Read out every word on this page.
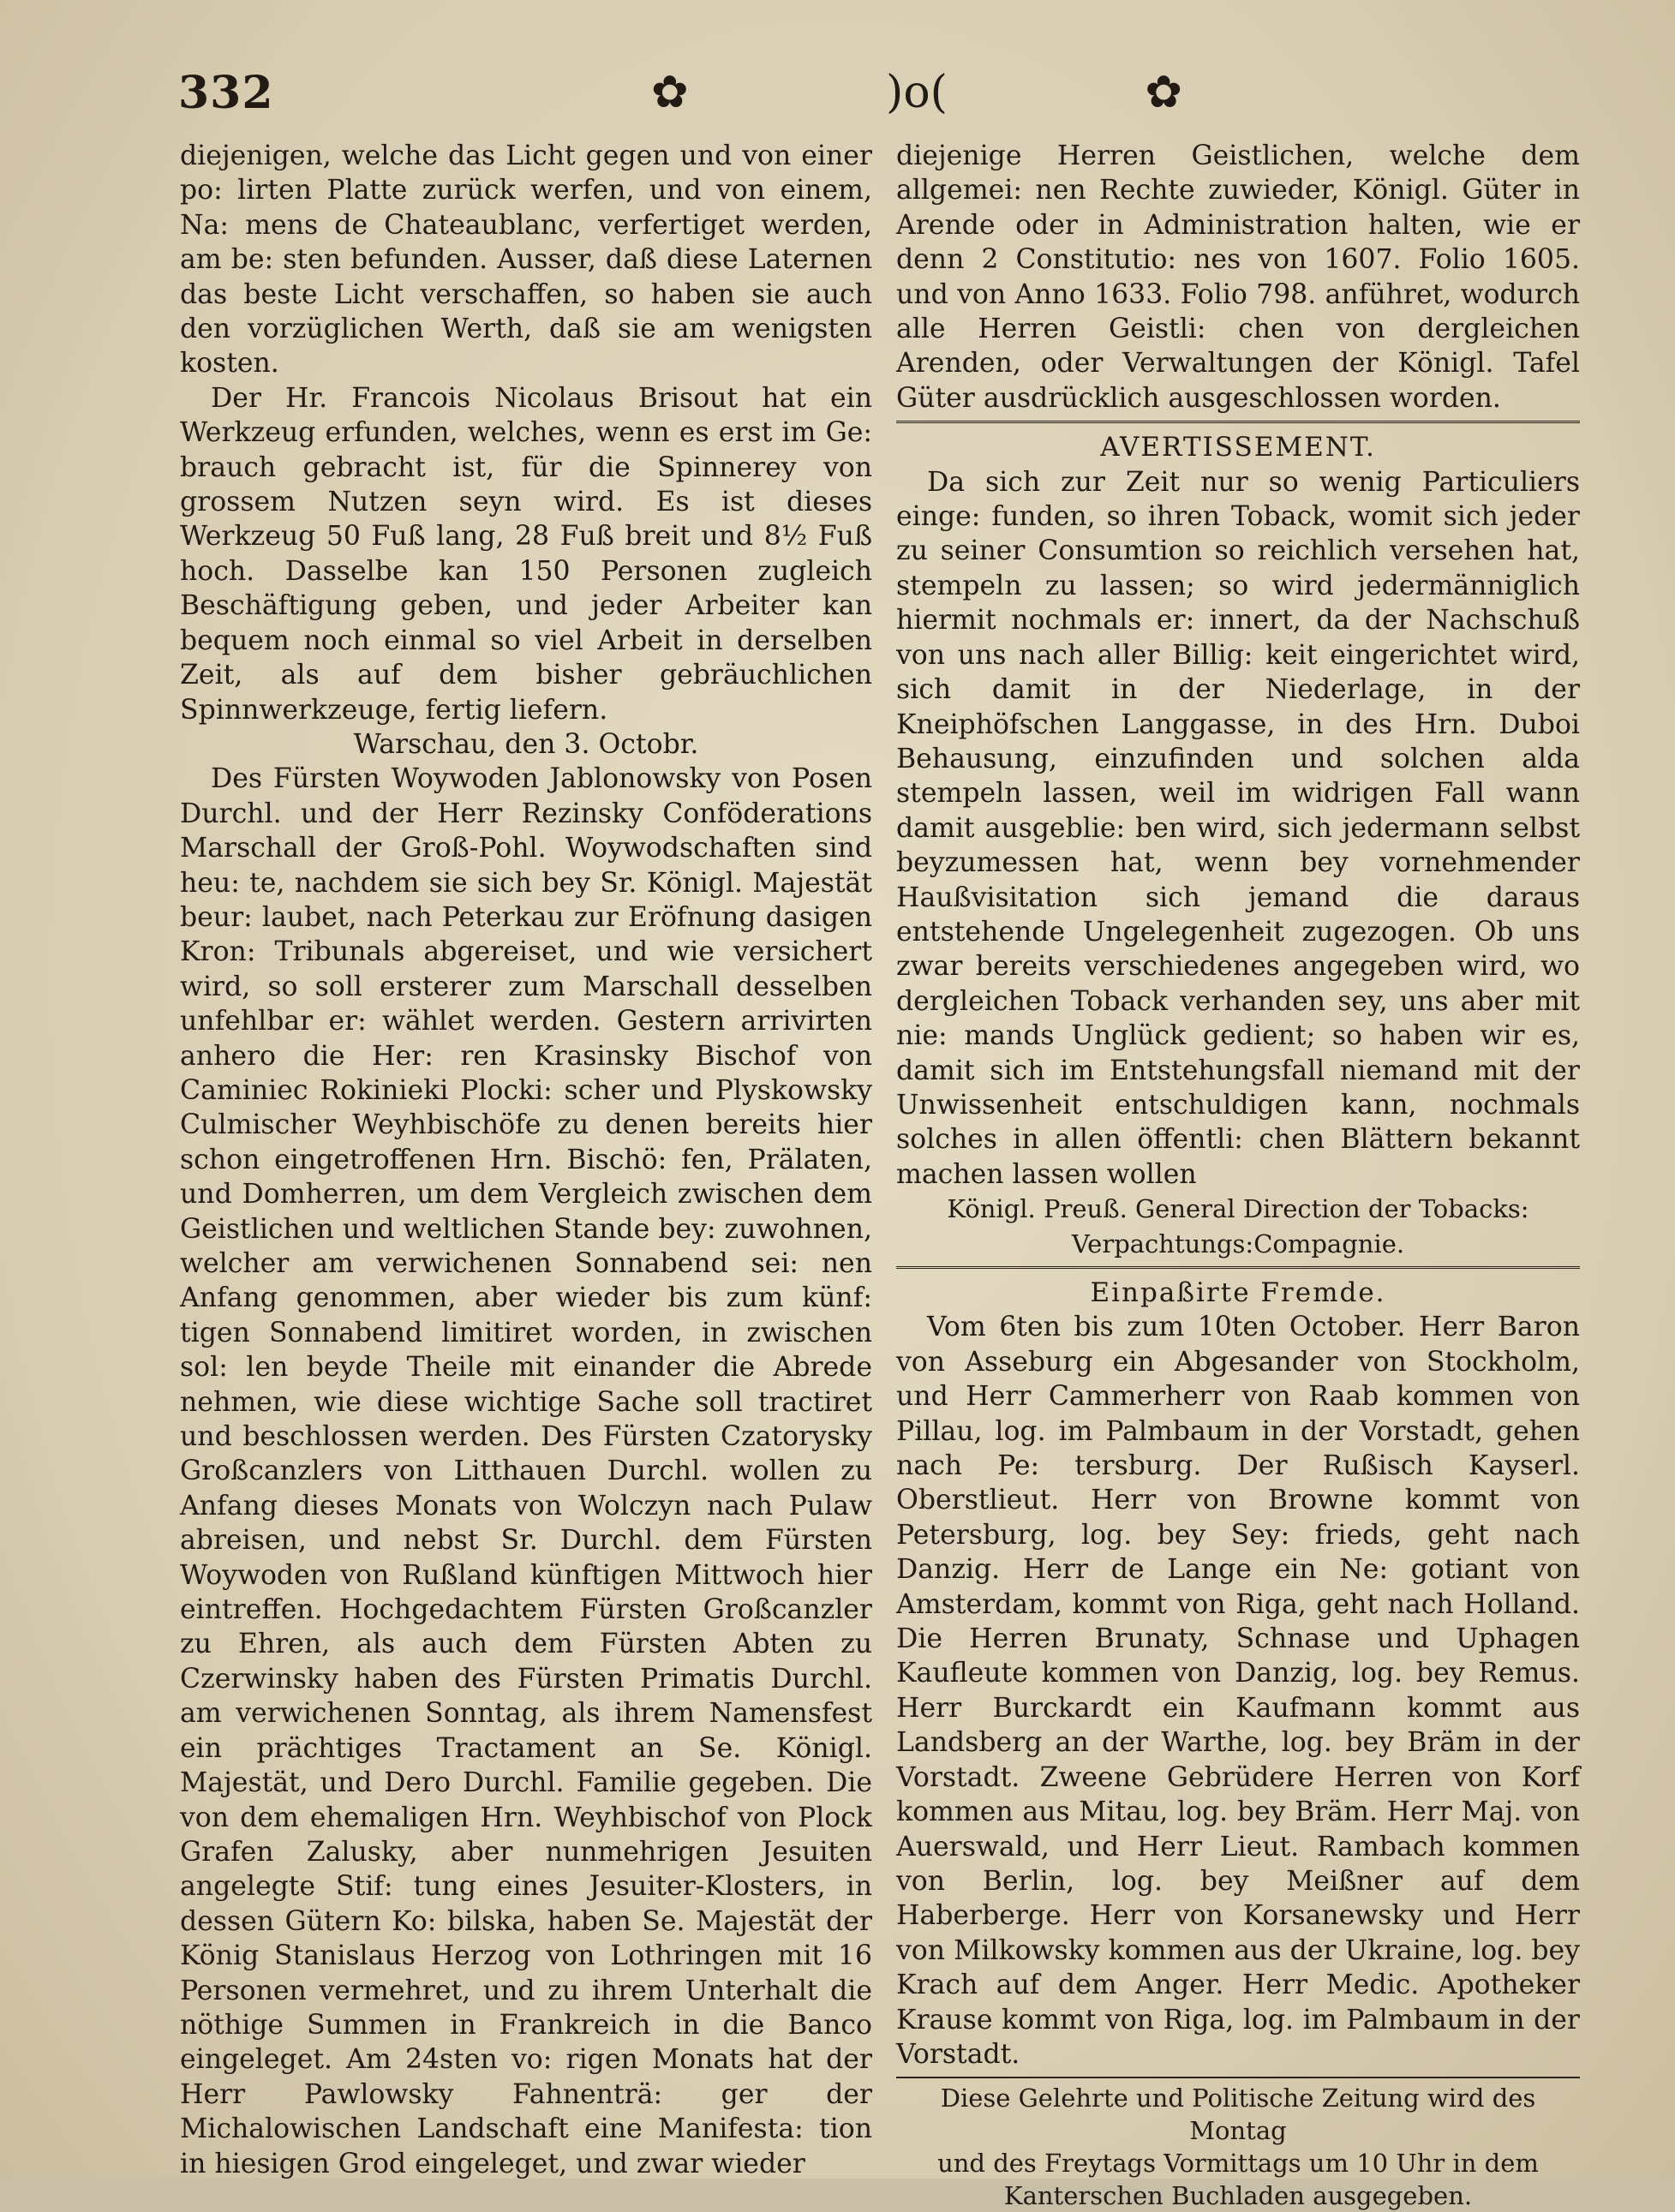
332	✿	)o(	✿

diejenigen, welche das Licht gegen und von einer po: lirten Platte zurück werfen, und von einem, Na: mens de Chateaublanc, verfertiget werden, am be: sten befunden. Ausser, daß diese Laternen das beste Licht verschaffen, so haben sie auch den vorzüglichen Werth, daß sie am wenigsten kosten.

Der Hr. Francois Nicolaus Brisout hat ein Werkzeug erfunden, welches, wenn es erst im Ge: brauch gebracht ist, für die Spinnerey von grossem Nutzen seyn wird. Es ist dieses Werkzeug 50 Fuß lang, 28 Fuß breit und 8½ Fuß hoch. Dasselbe kan 150 Personen zugleich Beschäftigung geben, und jeder Arbeiter kan bequem noch einmal so viel Arbeit in derselben Zeit, als auf dem bisher gebräuchlichen Spinnwerkzeuge, fertig liefern.

Warschau, den 3. Octobr.

Des Fürsten Woywoden Jablonowsky von Posen Durchl. und der Herr Rezinsky Conföderations Marschall der Groß-Pohl. Woywodschaften sind heu: te, nachdem sie sich bey Sr. Königl. Majestät beur: laubet, nach Peterkau zur Eröfnung dasigen Kron: Tribunals abgereiset, und wie versichert wird, so soll ersterer zum Marschall desselben unfehlbar er: wählet werden. Gestern arrivirten anhero die Her: ren Krasinsky Bischof von Caminiec Rokinieki Plocki: scher und Plyskowsky Culmischer Weyhbischöfe zu denen bereits hier schon eingetroffenen Hrn. Bischö: fen, Prälaten, und Domherren, um dem Vergleich zwischen dem Geistlichen und weltlichen Stande bey: zuwohnen, welcher am verwichenen Sonnabend sei: nen Anfang genommen, aber wieder bis zum künf: tigen Sonnabend limitiret worden, in zwischen sol: len beyde Theile mit einander die Abrede nehmen, wie diese wichtige Sache soll tractiret und beschlossen werden. Des Fürsten Czatorysky Großcanzlers von Litthauen Durchl. wollen zu Anfang dieses Monats von Wolczyn nach Pulaw abreisen, und nebst Sr. Durchl. dem Fürsten Woywoden von Rußland künftigen Mittwoch hier eintreffen. Hochgedachtem Fürsten Großcanzler zu Ehren, als auch dem Fürsten Abten zu Czerwinsky haben des Fürsten Primatis Durchl. am verwichenen Sonntag, als ihrem Namensfest ein prächtiges Tractament an Se. Königl. Majestät, und Dero Durchl. Familie gegeben. Die von dem ehemaligen Hrn. Weyhbischof von Plock Grafen Zalusky, aber nunmehrigen Jesuiten angelegte Stif: tung eines Jesuiter-Klosters, in dessen Gütern Ko: bilska, haben Se. Majestät der König Stanislaus Herzog von Lothringen mit 16 Personen vermehret, und zu ihrem Unterhalt die nöthige Summen in Frankreich in die Banco eingeleget. Am 24sten vo: rigen Monats hat der Herr Pawlowsky Fahnenträ: ger der Michalowischen Landschaft eine Manifesta: tion in hiesigen Grod eingeleget, und zwar wieder

diejenige Herren Geistlichen, welche dem allgemei: nen Rechte zuwieder, Königl. Güter in Arende oder in Administration halten, wie er denn 2 Constitutio: nes von 1607. Folio 1605. und von Anno 1633. Folio 798. anführet, wodurch alle Herren Geistli: chen von dergleichen Arenden, oder Verwaltungen der Königl. Tafel Güter ausdrücklich ausgeschlossen worden.

AVERTISSEMENT.

Da sich zur Zeit nur so wenig Particuliers einge: funden, so ihren Toback, womit sich jeder zu seiner Consumtion so reichlich versehen hat, stempeln zu lassen; so wird jedermänniglich hiermit nochmals er: innert, da der Nachschuß von uns nach aller Billig: keit eingerichtet wird, sich damit in der Niederlage, in der Kneiphöfschen Langgasse, in des Hrn. Duboi Behausung, einzufinden und solchen alda stempeln lassen, weil im widrigen Fall wann damit ausgeblie: ben wird, sich jedermann selbst beyzumessen hat, wenn bey vornehmender Haußvisitation sich jemand die daraus entstehende Ungelegenheit zugezogen. Ob uns zwar bereits verschiedenes angegeben wird, wo dergleichen Toback verhanden sey, uns aber mit nie: mands Unglück gedient; so haben wir es, damit sich im Entstehungsfall niemand mit der Unwissenheit entschuldigen kann, nochmals solches in allen öffentli: chen Blättern bekannt machen lassen wollen

Königl. Preuß. General Direction der Tobacks:

Verpachtungs:Compagnie.

Einpaßirte Fremde.

Vom 6ten bis zum 10ten October. Herr Baron von Asseburg ein Abgesander von Stockholm, und Herr Cammerherr von Raab kommen von Pillau, log. im Palmbaum in der Vorstadt, gehen nach Pe: tersburg. Der Rußisch Kayserl. Oberstlieut. Herr von Browne kommt von Petersburg, log. bey Sey: frieds, geht nach Danzig. Herr de Lange ein Ne: gotiant von Amsterdam, kommt von Riga, geht nach Holland. Die Herren Brunaty, Schnase und Uphagen Kaufleute kommen von Danzig, log. bey Remus. Herr Burckardt ein Kaufmann kommt aus Landsberg an der Warthe, log. bey Bräm in der Vorstadt. Zweene Gebrüdere Herren von Korf kommen aus Mitau, log. bey Bräm. Herr Maj. von Auerswald, und Herr Lieut. Rambach kommen von Berlin, log. bey Meißner auf dem Haberberge. Herr von Korsanewsky und Herr von Milkowsky kommen aus der Ukraine, log. bey Krach auf dem Anger. Herr Medic. Apotheker Krause kommt von Riga, log. im Palmbaum in der Vorstadt.

Diese Gelehrte und Politische Zeitung wird des Montag

und des Freytags Vormittags um 10 Uhr in dem

Kanterschen Buchladen ausgegeben.
